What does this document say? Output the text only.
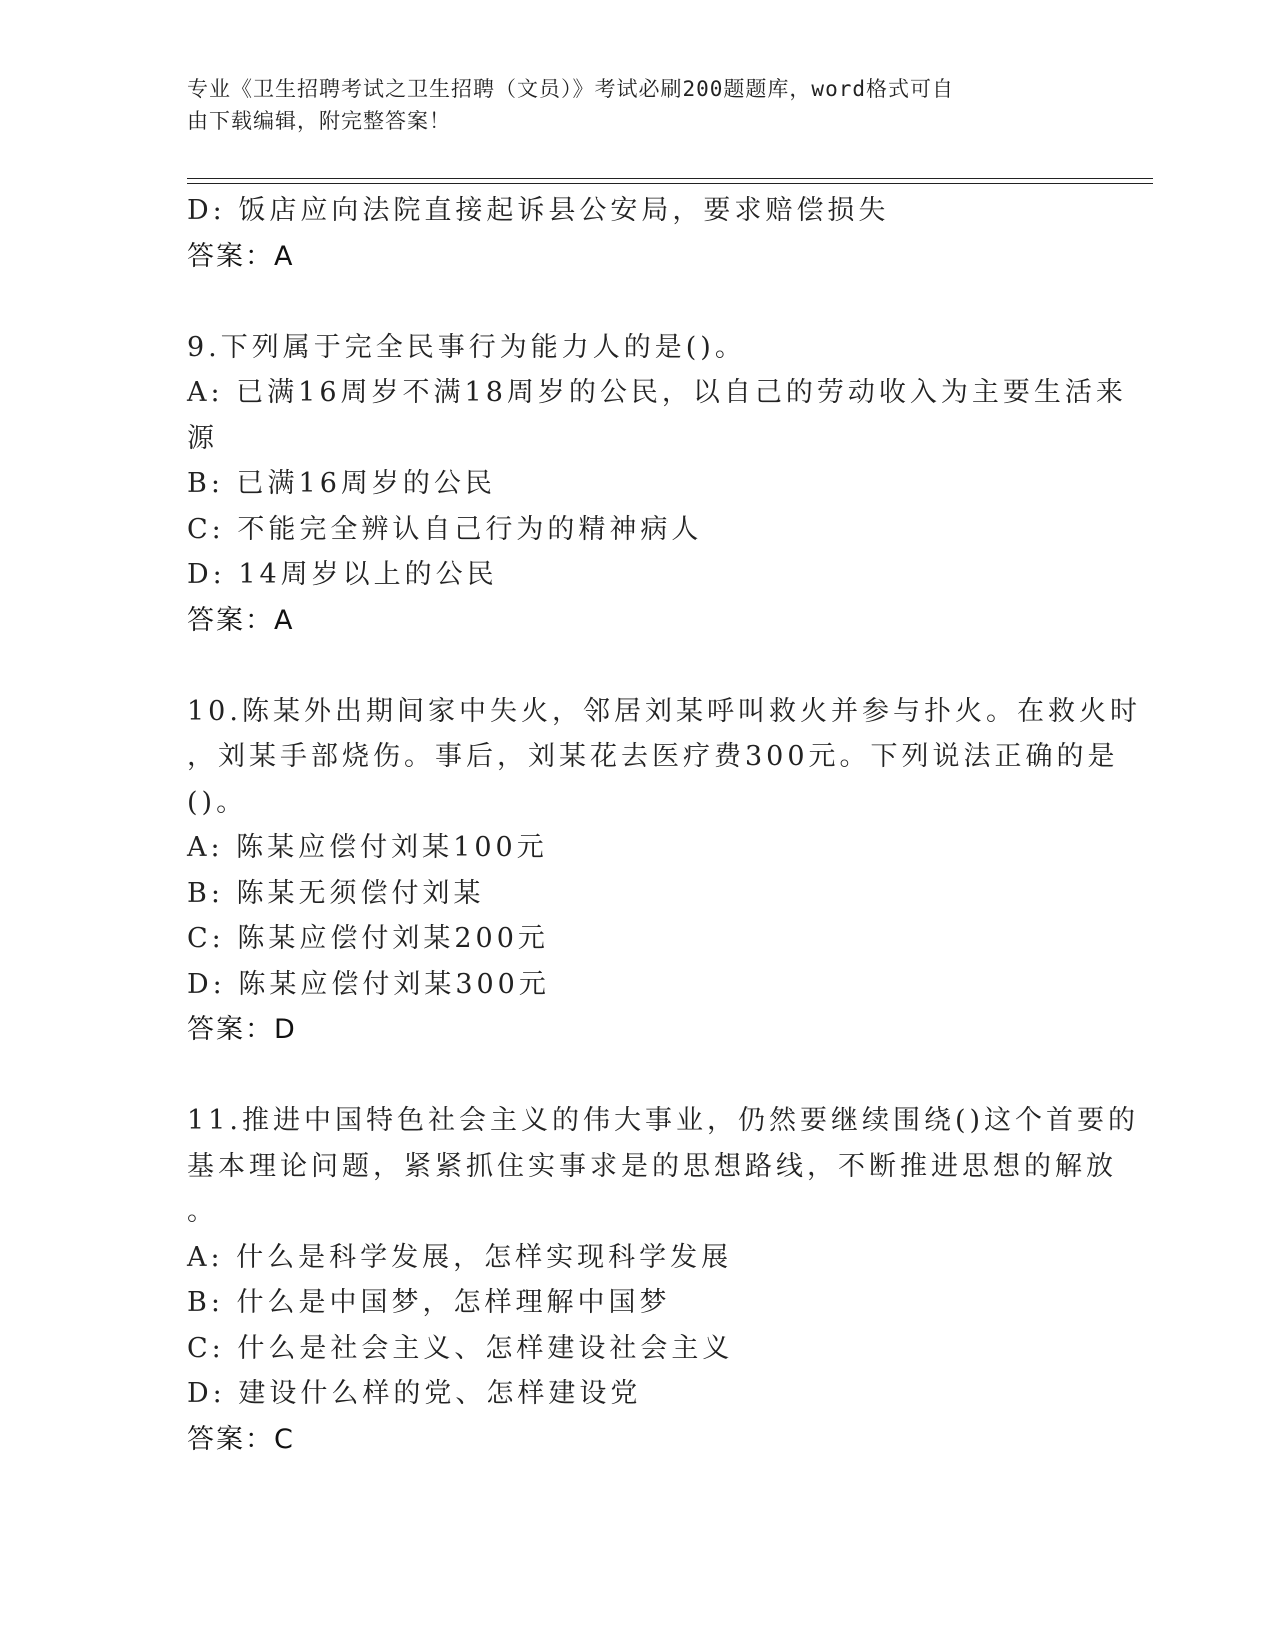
专业《卫生招聘考试之卫生招聘（文员）》考试必刷200题题库，word格式可自
由下载编辑，附完整答案！
D: 饭店应向法院直接起诉县公安局，要求赔偿损失
答案：A
9.下列属于完全民事行为能力人的是()。
A: 已满16周岁不满18周岁的公民，以自己的劳动收入为主要生活来
源
B: 已满16周岁的公民
C: 不能完全辨认自己行为的精神病人
D: 14周岁以上的公民
答案：A
10.陈某外出期间家中失火，邻居刘某呼叫救火并参与扑火。在救火时
，刘某手部烧伤。事后，刘某花去医疗费300元。下列说法正确的是
()。
A: 陈某应偿付刘某100元
B: 陈某无须偿付刘某
C: 陈某应偿付刘某200元
D: 陈某应偿付刘某300元
答案：D
11.推进中国特色社会主义的伟大事业，仍然要继续围绕()这个首要的
基本理论问题，紧紧抓住实事求是的思想路线，不断推进思想的解放
。
A: 什么是科学发展，怎样实现科学发展
B: 什么是中国梦，怎样理解中国梦
C: 什么是社会主义、怎样建设社会主义
D: 建设什么样的党、怎样建设党
答案：C
